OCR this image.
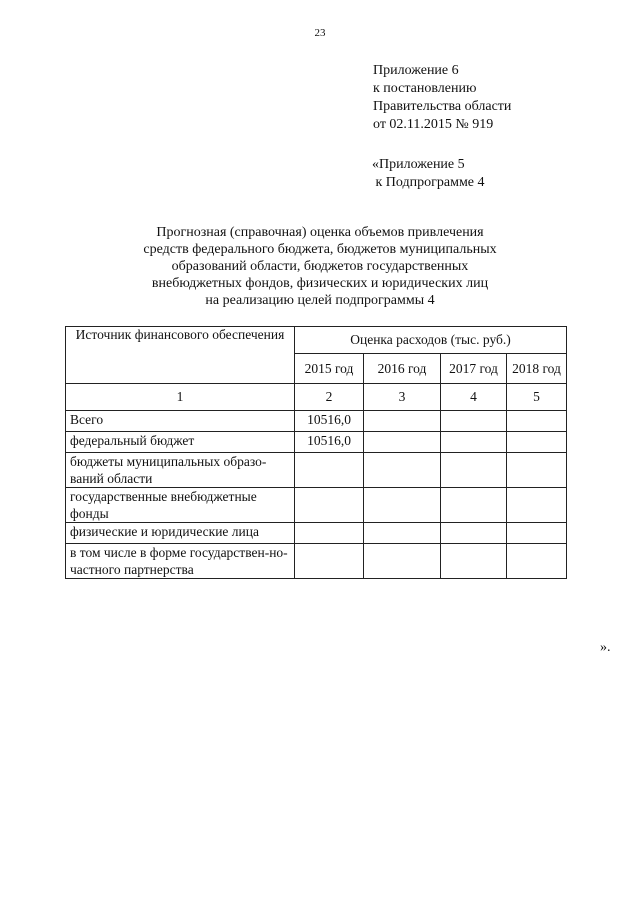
23
Приложение 6
к постановлению
Правительства области
от 02.11.2015 № 919
«Приложение 5
к Подпрограмме 4
Прогнозная (справочная) оценка объемов привлечения
средств федерального бюджета, бюджетов муниципальных
образований области, бюджетов государственных
внебюджетных фондов, физических и юридических лиц
на реализацию целей подпрограммы 4
Источник финансового обеспечения	Оценка расходов (тыс. руб.)			
	2015 год	2016 год	2017 год	2018 год
1	2	3	4	5
Всего	10516,0			
федеральный бюджет	10516,0			
бюджеты муниципальных образо-ваний области				
государственные внебюджетные фонды				
физические и юридические лица				
в том числе в форме государствен-но-частного партнерства				
».
